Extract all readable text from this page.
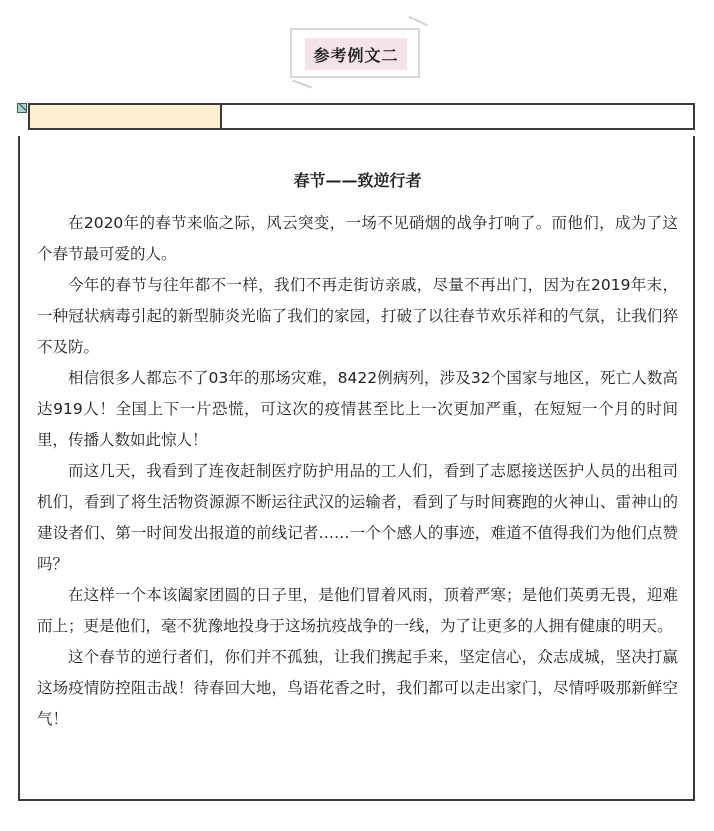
参考例文二
春节——致逆行者

在2020年的春节来临之际，风云突变，一场不见硝烟的战争打响了。而他们，成为了这个春节最可爱的人。

今年的春节与往年都不一样，我们不再走街访亲戚，尽量不再出门，因为在2019年末，一种冠状病毒引起的新型肺炎光临了我们的家园，打破了以往春节欢乐祥和的气氛，让我们猝不及防。

相信很多人都忘不了03年的那场灾难，8422例病列，涉及32个国家与地区，死亡人数高达919人！全国上下一片恐慌，可这次的疫情甚至比上一次更加严重，在短短一个月的时间里，传播人数如此惊人！

而这几天，我看到了连夜赶制医疗防护用品的工人们，看到了志愿接送医护人员的出租司机们，看到了将生活物资源源不断运往武汉的运输者，看到了与时间赛跑的火神山、雷神山的建设者们、第一时间发出报道的前线记者……一个个感人的事迹，难道不值得我们为他们点赞吗？

在这样一个本该阖家团圆的日子里，是他们冒着风雨，顶着严寒；是他们英勇无畏，迎难而上；更是他们，毫不犹豫地投身于这场抗疫战争的一线，为了让更多的人拥有健康的明天。

这个春节的逆行者们，你们并不孤独，让我们携起手来，坚定信心，众志成城，坚决打赢这场疫情防控阻击战！待春回大地，鸟语花香之时，我们都可以走出家门，尽情呼吸那新鲜空气！
